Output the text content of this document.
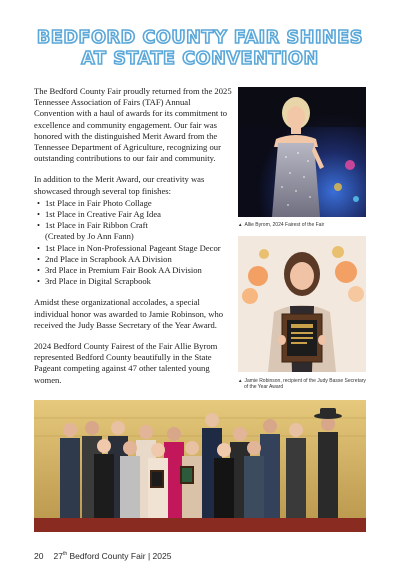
BEDFORD COUNTY FAIR SHINES
AT STATE CONVENTION

The Bedford County Fair proudly returned from the 2025 Tennessee Association of Fairs (TAF) Annual Convention with a haul of awards for its commitment to excellence and community engagement. Our fair was honored with the distinguished Merit Award from the Tennessee Department of Agriculture, recognizing our outstanding contributions to our fair and community.

In addition to the Merit Award, our creativity was showcased through several top finishes:

• 1st Place in Fair Photo Collage
• 1st Place in Creative Fair Ag Idea
• 1st Place in Fair Ribbon Craft
(Created by Jo Ann Fann)
• 1st Place in Non-Professional Pageant Stage Decor
• 2nd Place in Scrapbook AA Division
• 3rd Place in Premium Fair Book AA Division
• 3rd Place in Digital Scrapbook

Amidst these organizational accolades, a special individual honor was awarded to Jamie Robinson, who received the Judy Basse Secretary of the Year Award.

2024 Bedford County Fairest of the Fair Allie Byrom represented Bedford County beautifully in the State Pageant competing against 47 other talented young women.

▲ Allie Byrom, 2024 Fairest of the Fair
▲ Jamie Robinson, recipient of the Judy Basse Secretary
of the Year Award
20 27th Bedford County Fair | 2025
